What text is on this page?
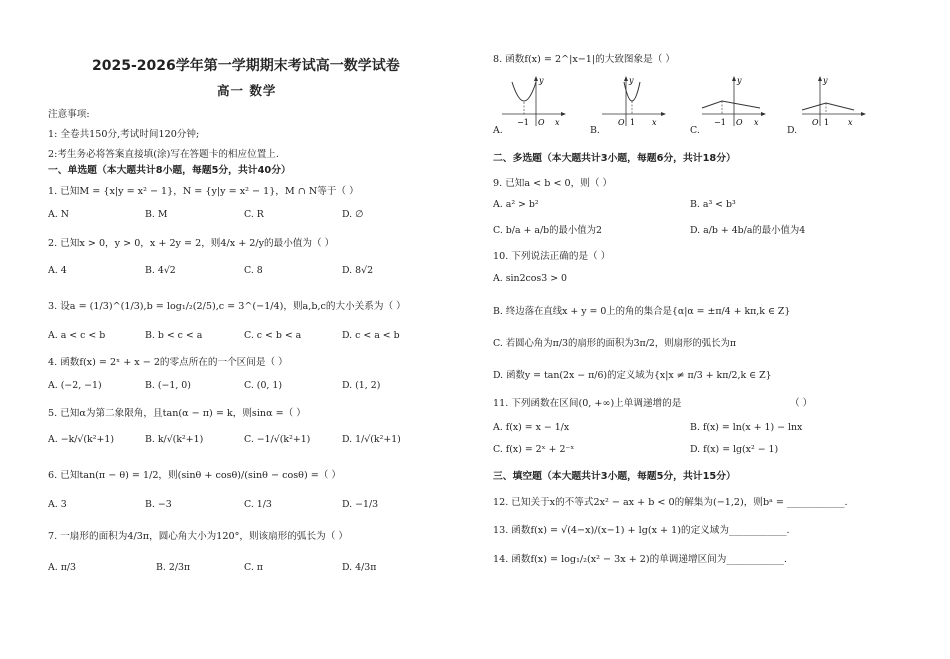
2025-2026学年第一学期期末考试高一数学试卷
高一 数学
注意事项:
1: 全卷共150分,考试时间120分钟;
2:考生务必将答案直接填(涂)写在答题卡的相应位置上.
一、单选题（本大题共计8小题，每题5分，共计40分）
1. 已知M = {x|y = x² − 1}，N = {y|y = x² − 1}，M ∩ N等于（ ）
A. N	B. M	C. R	D. ∅
2. 已知x > 0，y > 0，x + 2y = 2，则4/x + 2/y的最小值为（ ）
A. 4	B. 4√2	C. 8	D. 8√2
3. 设a = (1/3)^(1/3),b = log₁/₂(2/5),c = 3^(−1/4)，则a,b,c的大小关系为（ ）
A. a < c < b	B. b < c < a	C. c < b < a	D. c < a < b
4. 函数f(x) = 2ˣ + x − 2的零点所在的一个区间是（ ）
A. (−2, −1)	B. (−1, 0)	C. (0, 1)	D. (1, 2)
5. 已知α为第二象限角，且tan(α − π) = k，则sinα =（ ）
A. −k/√(k²+1)	B. k/√(k²+1)	C. −1/√(k²+1)	D. 1/√(k²+1)
6. 已知tan(π − θ) = 1/2，则(sinθ + cosθ)/(sinθ − cosθ) =（ ）
A. 3	B. −3	C. 1/3	D. −1/3
7. 一扇形的面积为4/3π，圆心角大小为120°，则该扇形的弧长为（ ）
A. π/3	B. 2/3π	C. π	D. 4/3π
8. 函数f(x) = 2^|x−1|的大致图象是（ ）
−1 O x
y
A.
O 1 x
y
B.
−1 O x
y
C.
O 1 x
y
D.
二、多选题（本大题共计3小题，每题6分，共计18分）
9. 已知a < b < 0，则（ ）
A. a² > b²	B. a³ < b³
C. b/a + a/b的最小值为2	D. a/b + 4b/a的最小值为4
10. 下列说法正确的是（ ）
A. sin2cos3 > 0
B. 终边落在直线x + y = 0上的角的集合是{α|α = ±π/4 + kπ,k ∈ Z}
C. 若圆心角为π/3的扇形的面积为3π/2，则扇形的弧长为π
D. 函数y = tan(2x − π/6)的定义域为{x|x ≠ π/3 + kπ/2,k ∈ Z}
11. 下列函数在区间(0, +∞)上单调递增的是	（ ）
A. f(x) = x − 1/x	B. f(x) = ln(x + 1) − lnx
C. f(x) = 2ˣ + 2⁻ˣ	D. f(x) = lg(x² − 1)
三、填空题（本大题共计3小题，每题5分，共计15分）
12. 已知关于x的不等式2x² − ax + b < 0的解集为(−1,2)，则bᵃ = ____________.
13. 函数f(x) = √(4−x)/(x−1) + lg(x + 1)的定义域为____________.
14. 函数f(x) = log₁/₂(x² − 3x + 2)的单调递增区间为____________.
